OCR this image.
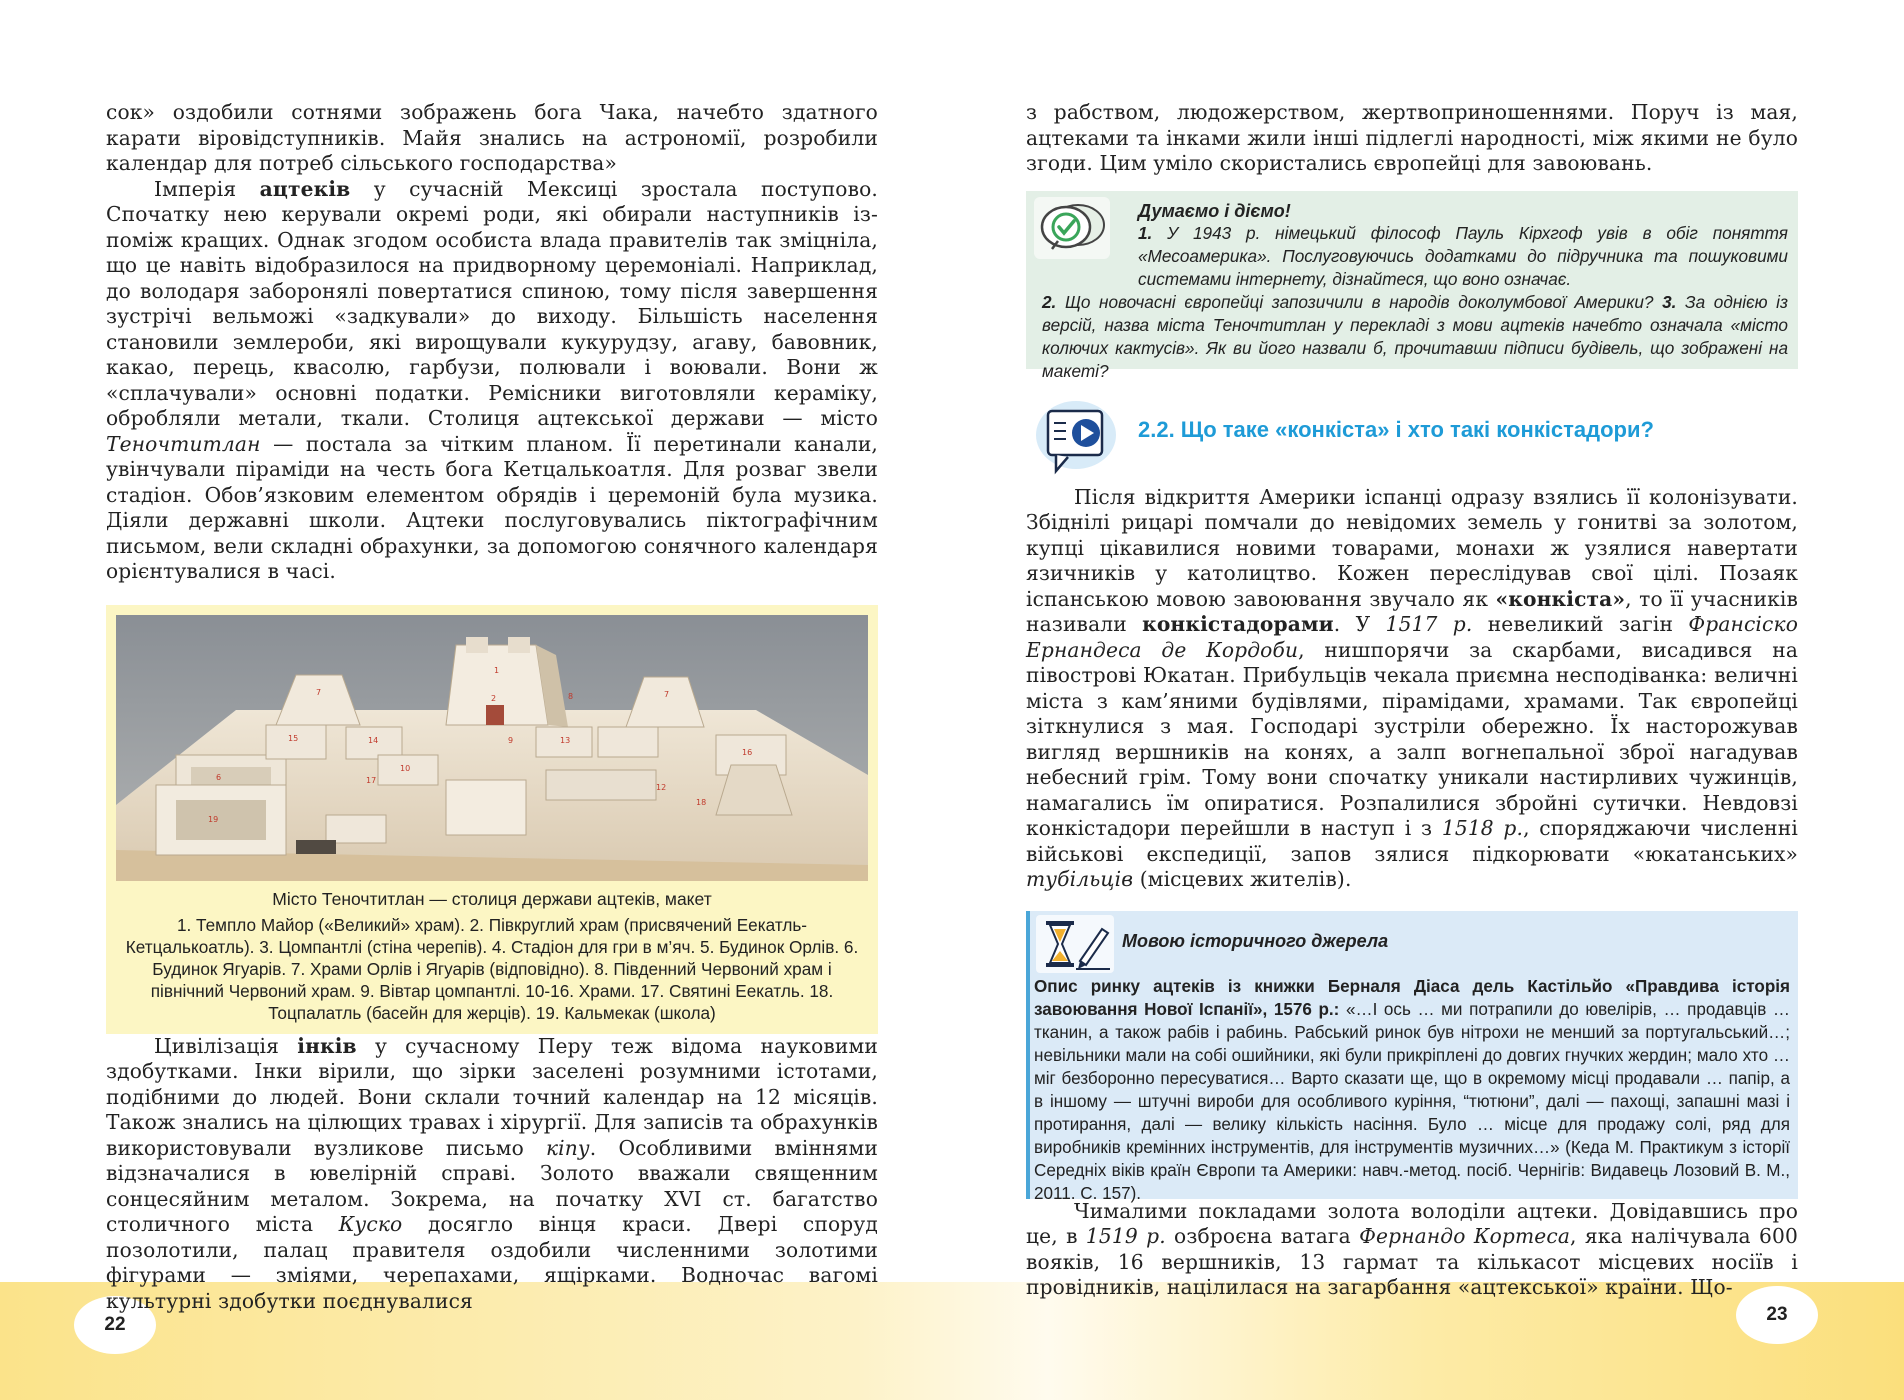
22	23

сок» оздобили сотнями зображень бога Чака, начебто здатного карати віровідступників. Майя знались на астрономії, розробили календар для потреб сільського господарства»

Імперія ацтеків у сучасній Мексиці зростала поступово. Спочатку нею керували окремі роди, які обирали наступників із-поміж кращих. Однак згодом особиста влада правителів так зміцніла, що це навіть відобразилося на придворному церемоніалі. Наприклад, до володаря заборонялі повертатися спиною, тому після завершення зустрічі вельможі «задкували» до виходу. Більшість населення становили землероби, які вирощували кукурудзу, агаву, бавовник, какао, перець, квасолю, гарбузи, полювали і воювали. Вони ж «сплачували» основні податки. Ремісники виготовляли кераміку, обробляли метали, ткали. Столиця ацтекської держави — місто Теночтитлан — постала за чітким планом. Її перетинали канали, увінчували піраміди на честь бога Кетцалькоатля. Для розваг звели стадіон. Обов’язковим елементом обрядів і церемоній була музика. Діяли державні школи. Ацтеки послуговувались піктографічним письмом, вели складні обрахунки, за допомогою сонячного календаря орієнтувалися в часі.

1
2
7	7
8
15	14
10
9	13
16
12
6
19
17
18
Місто Теночтитлан — столиця держави ацтеків, макет
1. Темпло Майор («Великий» храм). 2. Півкруглий храм (присвячений Еекатль-Кетцалькоатль). 3. Цомпантлі (стіна черепів). 4. Стадіон для гри в м’яч. 5. Будинок Орлів. 6. Будинок Ягуарів. 7. Храми Орлів і Ягуарів (відповідно). 8. Південний Червоний храм і північний Червоний храм. 9. Вівтар цомпантлі. 10-16. Храми. 17. Святині Еекатль. 18. Тоцпалатль (басейн для жерців). 19. Кальмекак (школа)

Цивілізація інків у сучасному Перу теж відома науковими здобутками. Інки вірили, що зірки заселені розумними істотами, подібними до людей. Вони склали точний календар на 12 місяців. Також знались на цілющих травах і хірургії. Для записів та обрахунків використовували вузликове письмо кіпу. Особливими вміннями відзначалися в ювелірній справі. Золото вважали священним сонцесяйним металом. Зокрема, на початку XVI ст. багатство столичного міста Куско досягло вінця краси. Двері споруд позолотили, палац правителя оздобили численними золотими фігурами — зміями, черепахами, ящірками. Водночас вагомі культурні здобутки поєднувалися

з рабством, людожерством, жертвоприношеннями. Поруч із мая, ацтеками та інками жили інші підлеглі народності, між якими не було згоди. Цим уміло скористались європейці для завоювань.

Думаємо і діємо!
1. У 1943 р. німецький філософ Пауль Кірхгоф увів в обіг поняття «Месоамерика». Послуговуючись додатками до підручника та пошуковими системами інтернету, дізнайтеся, що воно означає.
2. Що новочасні європейці запозичили в народів доколумбової Америки? 3. За однією із версій, назва міста Теночтитлан у перекладі з мови ацтеків начебто означала «місто колючих кактусів». Як ви його назвали б, прочитавши підписи будівель, що зображені на макеті?
2.2. Що таке «конкіста» і хто такі конкістадори?

Після відкриття Америки іспанці одразу взялись її колонізувати. Збіднілі рицарі помчали до невідомих земель у гонитві за золотом, купці цікавилися новими товарами, монахи ж узялися навертати язичників у католицтво. Кожен переслідував свої цілі. Позаяк іспанською мовою завоювання звучало як «конкіста», то її учасників називали конкістадорами. У 1517 р. невеликий загін Франсіско Ернандеса де Кордоби, нишпорячи за скарбами, висадився на півострові Юкатан. Прибульців чекала приємна несподіванка: величні міста з кам’яними будівлями, пірамідами, храмами. Так європейці зіткнулися з мая. Господарі зустріли обережно. Їх насторожував вигляд вершників на конях, а залп вогнепальної зброї нагадував небесний грім. Тому вони спочатку уникали настирливих чужинців, намагались їм опиратися. Розпалилися збройні сутички. Невдовзі конкістадори перейшли в наступ і з 1518 р., споряджаючи численні військові експедиції, запов зялися підкорювати «юкатанських» тубільців (місцевих жителів).

Мовою історичного джерела
Опис ринку ацтеків із книжки Берналя Діаса дель Кастільйо «Правдива історія завоювання Нової Іспанії», 1576 р.: «…І ось … ми потрапили до ювелірів, … продавців … тканин, а також рабів і рабинь. Рабський ринок був нітрохи не менший за португальський…; невільники мали на собі ошийники, які були прикріплені до довгих гнучких жердин; мало хто … міг безборонно пересуватися… Варто сказати ще, що в окремому місці продавали … папір, а в іншому — штучні вироби для особливого куріння, “тютюни”, далі — пахощі, запашні мазі і протирання, далі — велику кількість насіння. Було … місце для продажу солі, ряд для виробників кремінних інструментів, для інструментів музичних…» (Кеда М. Практикум з історії Середніх віків країн Європи та Америки: навч.-метод. посіб. Чернігів: Видавець Лозовий В. М., 2011. С. 157).

Чималими покладами золота володіли ацтеки. Довідавшись про це, в 1519 р. озброєна ватага Фернандо Кортеса, яка налічувала 600 вояків, 16 вершників, 13 гармат та кількасот місцевих носіїв і провідників, націлилася на загарбання «ацтекської» країни. Що-
